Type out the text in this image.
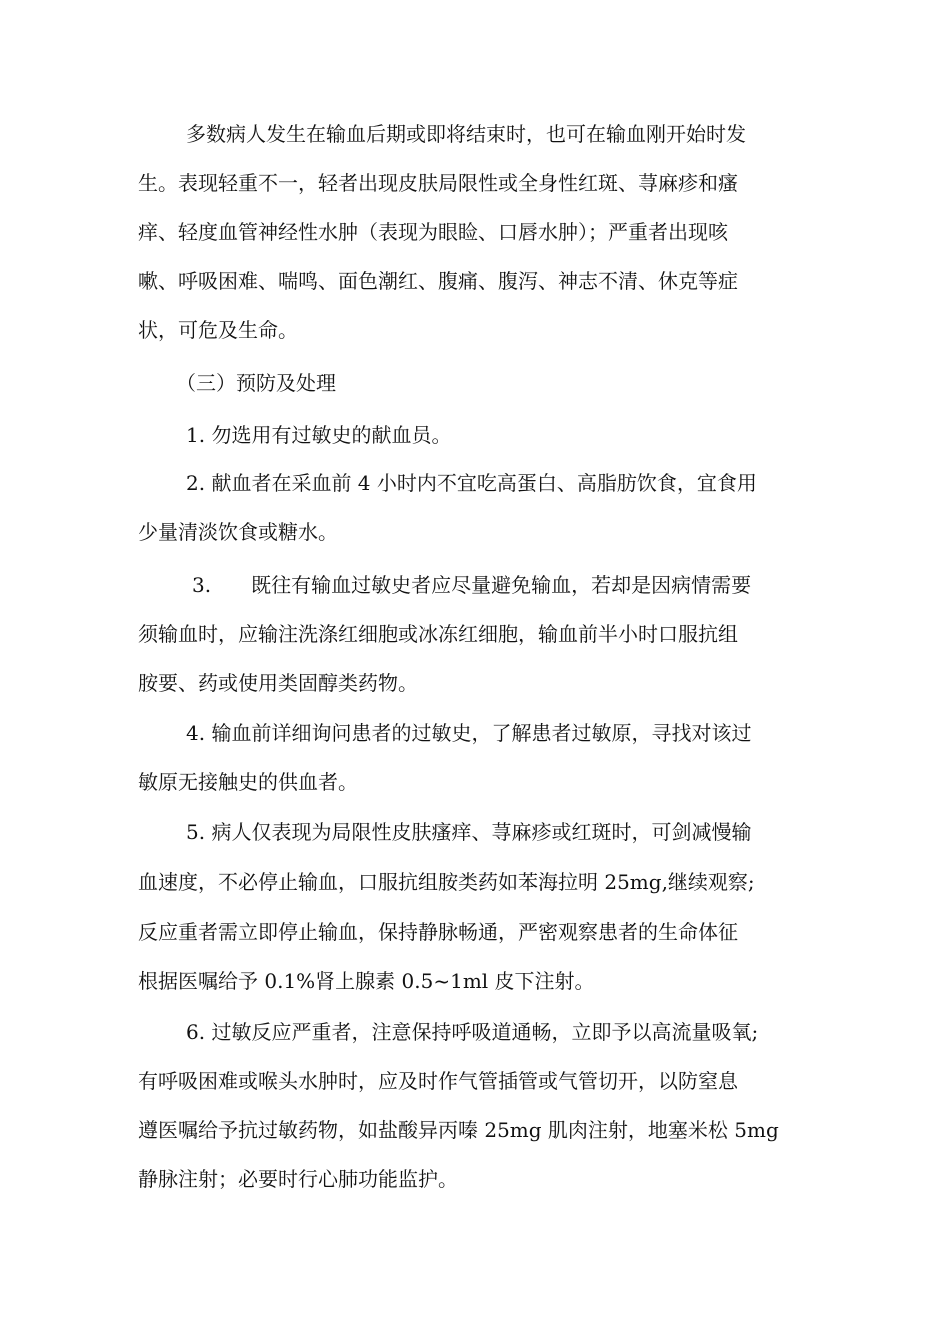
多数病人发生在输血后期或即将结束时，也可在输血刚开始时发
生。表现轻重不一，轻者出现皮肤局限性或全身性红斑、荨麻疹和瘙
痒、轻度血管神经性水肿（表现为眼睑、口唇水肿）；严重者出现咳
嗽、呼吸困难、喘鸣、面色潮红、腹痛、腹泻、神志不清、休克等症
状，可危及生命。
（三）预防及处理
1. 勿选用有过敏史的献血员。
2. 献血者在采血前 4 小时内不宜吃高蛋白、高脂肪饮食，宜食用
少量清淡饮食或糖水。
3.　　既往有输血过敏史者应尽量避免输血，若却是因病情需要
须输血时，应输注洗涤红细胞或冰冻红细胞，输血前半小时口服抗组
胺要、药或使用类固醇类药物。
4. 输血前详细询问患者的过敏史，了解患者过敏原，寻找对该过
敏原无接触史的供血者。
5. 病人仅表现为局限性皮肤瘙痒、荨麻疹或红斑时，可剑减慢输
血速度，不必停止输血，口服抗组胺类药如苯海拉明 25mg,继续观察;
反应重者需立即停止输血，保持静脉畅通，严密观察患者的生命体征
根据医嘱给予 0.1%肾上腺素 0.5~1ml 皮下注射。
6. 过敏反应严重者，注意保持呼吸道通畅，立即予以高流量吸氧;
有呼吸困难或喉头水肿时，应及时作气管插管或气管切开，以防窒息
遵医嘱给予抗过敏药物，如盐酸异丙嗪 25mg 肌肉注射，地塞米松 5mg
静脉注射；必要时行心肺功能监护。
